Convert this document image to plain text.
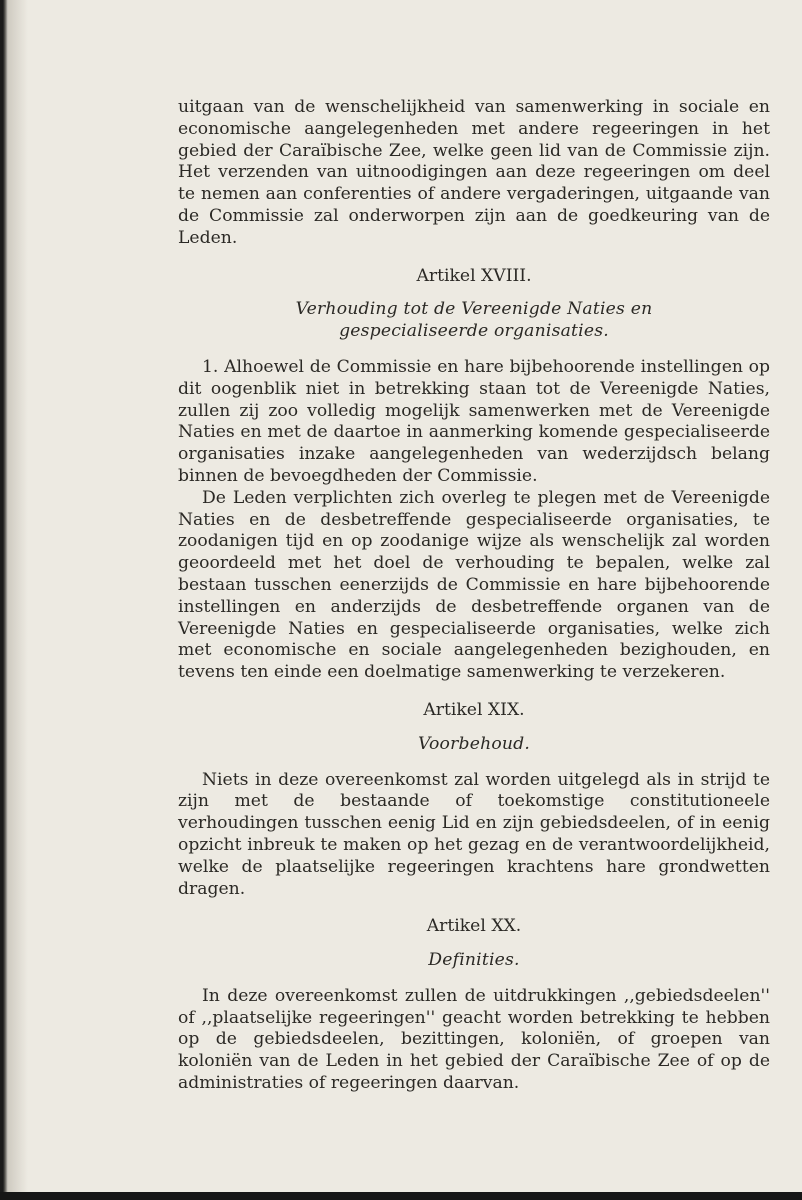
uitgaan van de wenschelijkheid van samenwerking in sociale en economische aangelegenheden met andere regeeringen in het gebied der Caraïbische Zee, welke geen lid van de Commissie zijn. Het verzenden van uitnoodigingen aan deze regeeringen om deel te nemen aan conferenties of andere vergaderingen, uitgaande van de Commissie zal onderworpen zijn aan de goedkeuring van de Leden.

Artikel XVIII.

Verhouding tot de Vereenigde Naties en

gespecialiseerde organisaties.

1. Alhoewel de Commissie en hare bijbehoorende instellingen op dit oogenblik niet in betrekking staan tot de Vereenigde Naties, zullen zij zoo volledig mogelijk samenwerken met de Vereenigde Naties en met de daartoe in aanmerking komende gespecialiseerde organisaties inzake aangelegenheden van wederzijdsch belang binnen de bevoegdheden der Commissie.

De Leden verplichten zich overleg te plegen met de Vereenigde Naties en de desbetreffende gespecialiseerde organisaties, te zoodanigen tijd en op zoodanige wijze als wenschelijk zal worden geoordeeld met het doel de verhouding te bepalen, welke zal bestaan tusschen eenerzijds de Commissie en hare bijbehoorende instellingen en anderzijds de desbetreffende organen van de Vereenigde Naties en gespecialiseerde organisaties, welke zich met economische en sociale aangelegenheden bezighouden, en tevens ten einde een doelmatige samenwerking te verzekeren.

Artikel XIX.

Voorbehoud.

Niets in deze overeenkomst zal worden uitgelegd als in strijd te zijn met de bestaande of toekomstige constitutioneele verhoudingen tusschen eenig Lid en zijn gebiedsdeelen, of in eenig opzicht inbreuk te maken op het gezag en de verantwoordelijkheid, welke de plaatselijke regeeringen krachtens hare grondwetten dragen.

Artikel XX.

Definities.

In deze overeenkomst zullen de uitdrukkingen ,,gebiedsdeelen'' of ,,plaatselijke regeeringen'' geacht worden betrekking te hebben op de gebiedsdeelen, bezittingen, koloniën, of groepen van koloniën van de Leden in het gebied der Caraïbische Zee of op de administraties of regeeringen daarvan.
